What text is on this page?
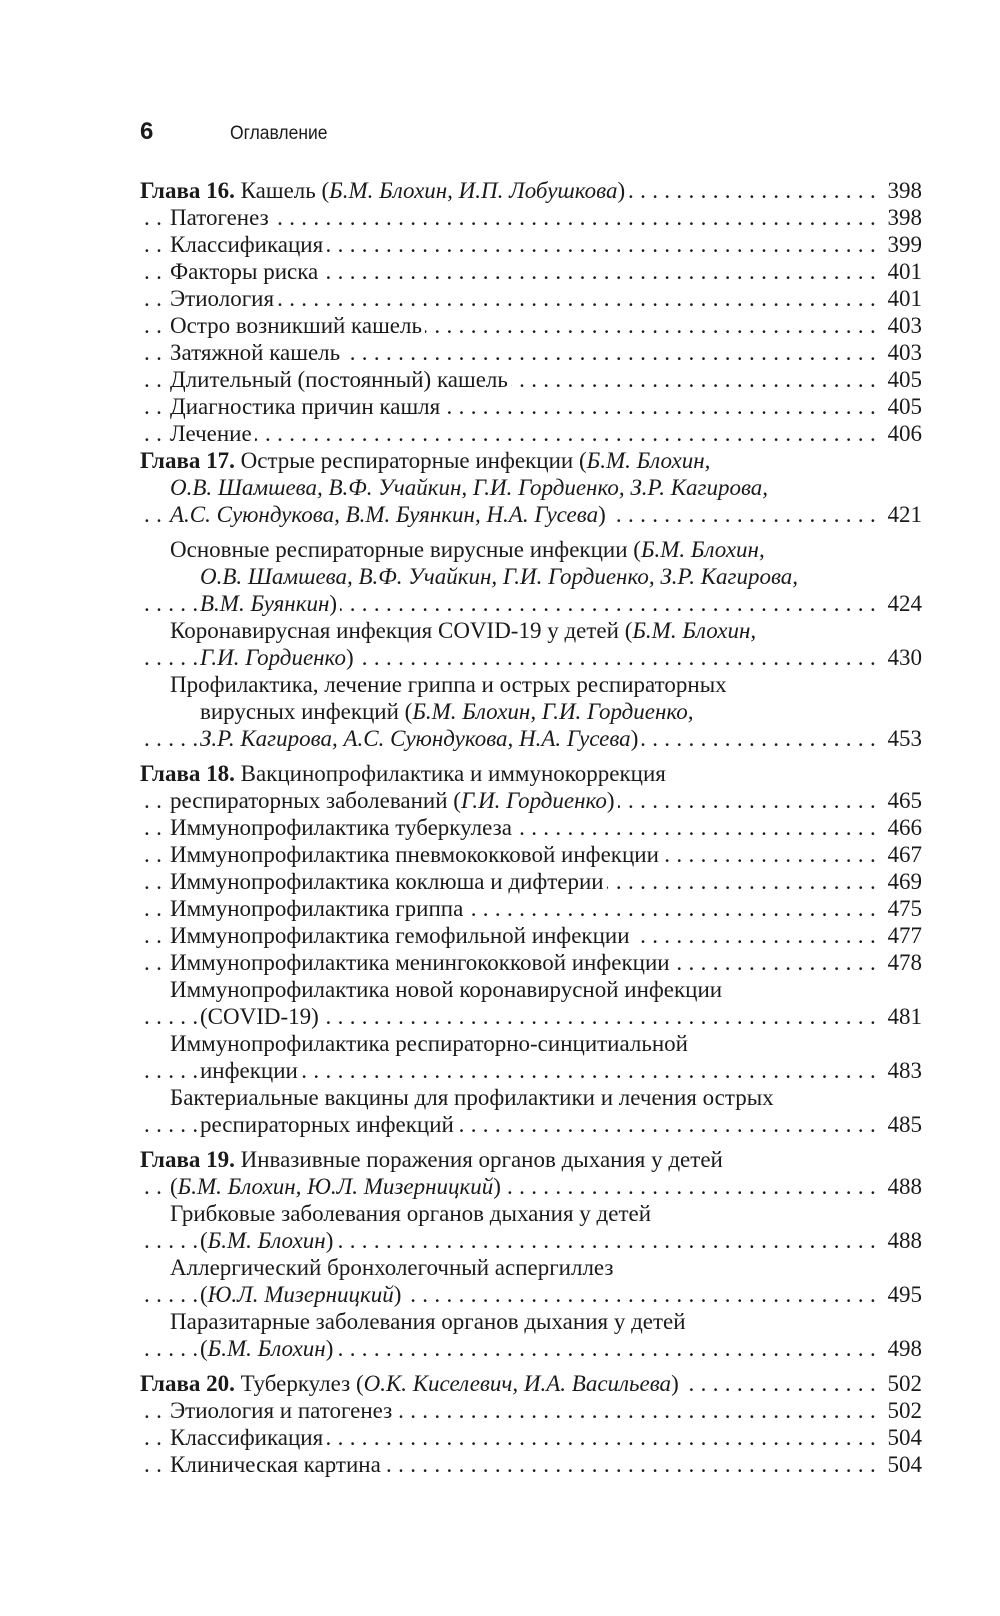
6	Оглавление
Глава 16. Кашель (Б.М. Блохин, И.П. Лобушкова)	398
. . .
Патогенез	398
. . .
Классификация	399
. . .
Факторы риска	401
. . .
Этиология	401
. . .
Остро возникший кашель	403
. . .
Затяжной кашель	403
. . .
Длительный (постоянный) кашель	405
. . .
Диагностика причин кашля	405
. . .
Лечение	406
. . .
Глава 17. Острые респираторные инфекции (Б.М. Блохин,
О.В. Шамшева, В.Ф. Учайкин, Г.И. Гордиенко, З.Р. Кагирова,
А.С. Суюндукова, В.М. Буянкин, Н.А. Гусева)	421
. . .
Основные респираторные вирусные инфекции (Б.М. Блохин,
О.В. Шамшева, В.Ф. Учайкин, Г.И. Гордиенко, З.Р. Кагирова,
В.М. Буянкин)	424
. . .
Коронавирусная инфекция COVID-19 у детей (Б.М. Блохин,
Г.И. Гордиенко)	430
. . .
Профилактика, лечение гриппа и острых респираторных
вирусных инфекций (Б.М. Блохин, Г.И. Гордиенко,
З.Р. Кагирова, А.С. Суюндукова, Н.А. Гусева)	453
. . .
Глава 18. Вакцинопрофилактика и иммунокоррекция
респираторных заболеваний (Г.И. Гордиенко)	465
. . .
Иммунопрофилактика туберкулеза	466
. . .
Иммунопрофилактика пневмококковой инфекции	467
. . .
Иммунопрофилактика коклюша и дифтерии	469
. . .
Иммунопрофилактика гриппа	475
. . .
Иммунопрофилактика гемофильной инфекции	477
. . .
Иммунопрофилактика менингококковой инфекции	478
. . .
Иммунопрофилактика новой коронавирусной инфекции
(COVID-19)	481
. . .
Иммунопрофилактика респираторно-синцитиальной
инфекции	483
. . .
Бактериальные вакцины для профилактики и лечения острых
респираторных инфекций	485
. . .
Глава 19. Инвазивные поражения органов дыхания у детей
(Б.М. Блохин, Ю.Л. Мизерницкий)	488
. . .
Грибковые заболевания органов дыхания у детей
(Б.М. Блохин)	488
. . .
Аллергический бронхолегочный аспергиллез
(Ю.Л. Мизерницкий)	495
. . .
Паразитарные заболевания органов дыхания у детей
(Б.М. Блохин)	498
. . .
Глава 20. Туберкулез (О.К. Киселевич, И.А. Васильева)	502
. . .
Этиология и патогенез	502
. . .
Классификация	504
. . .
Клиническая картина	504
. . .
